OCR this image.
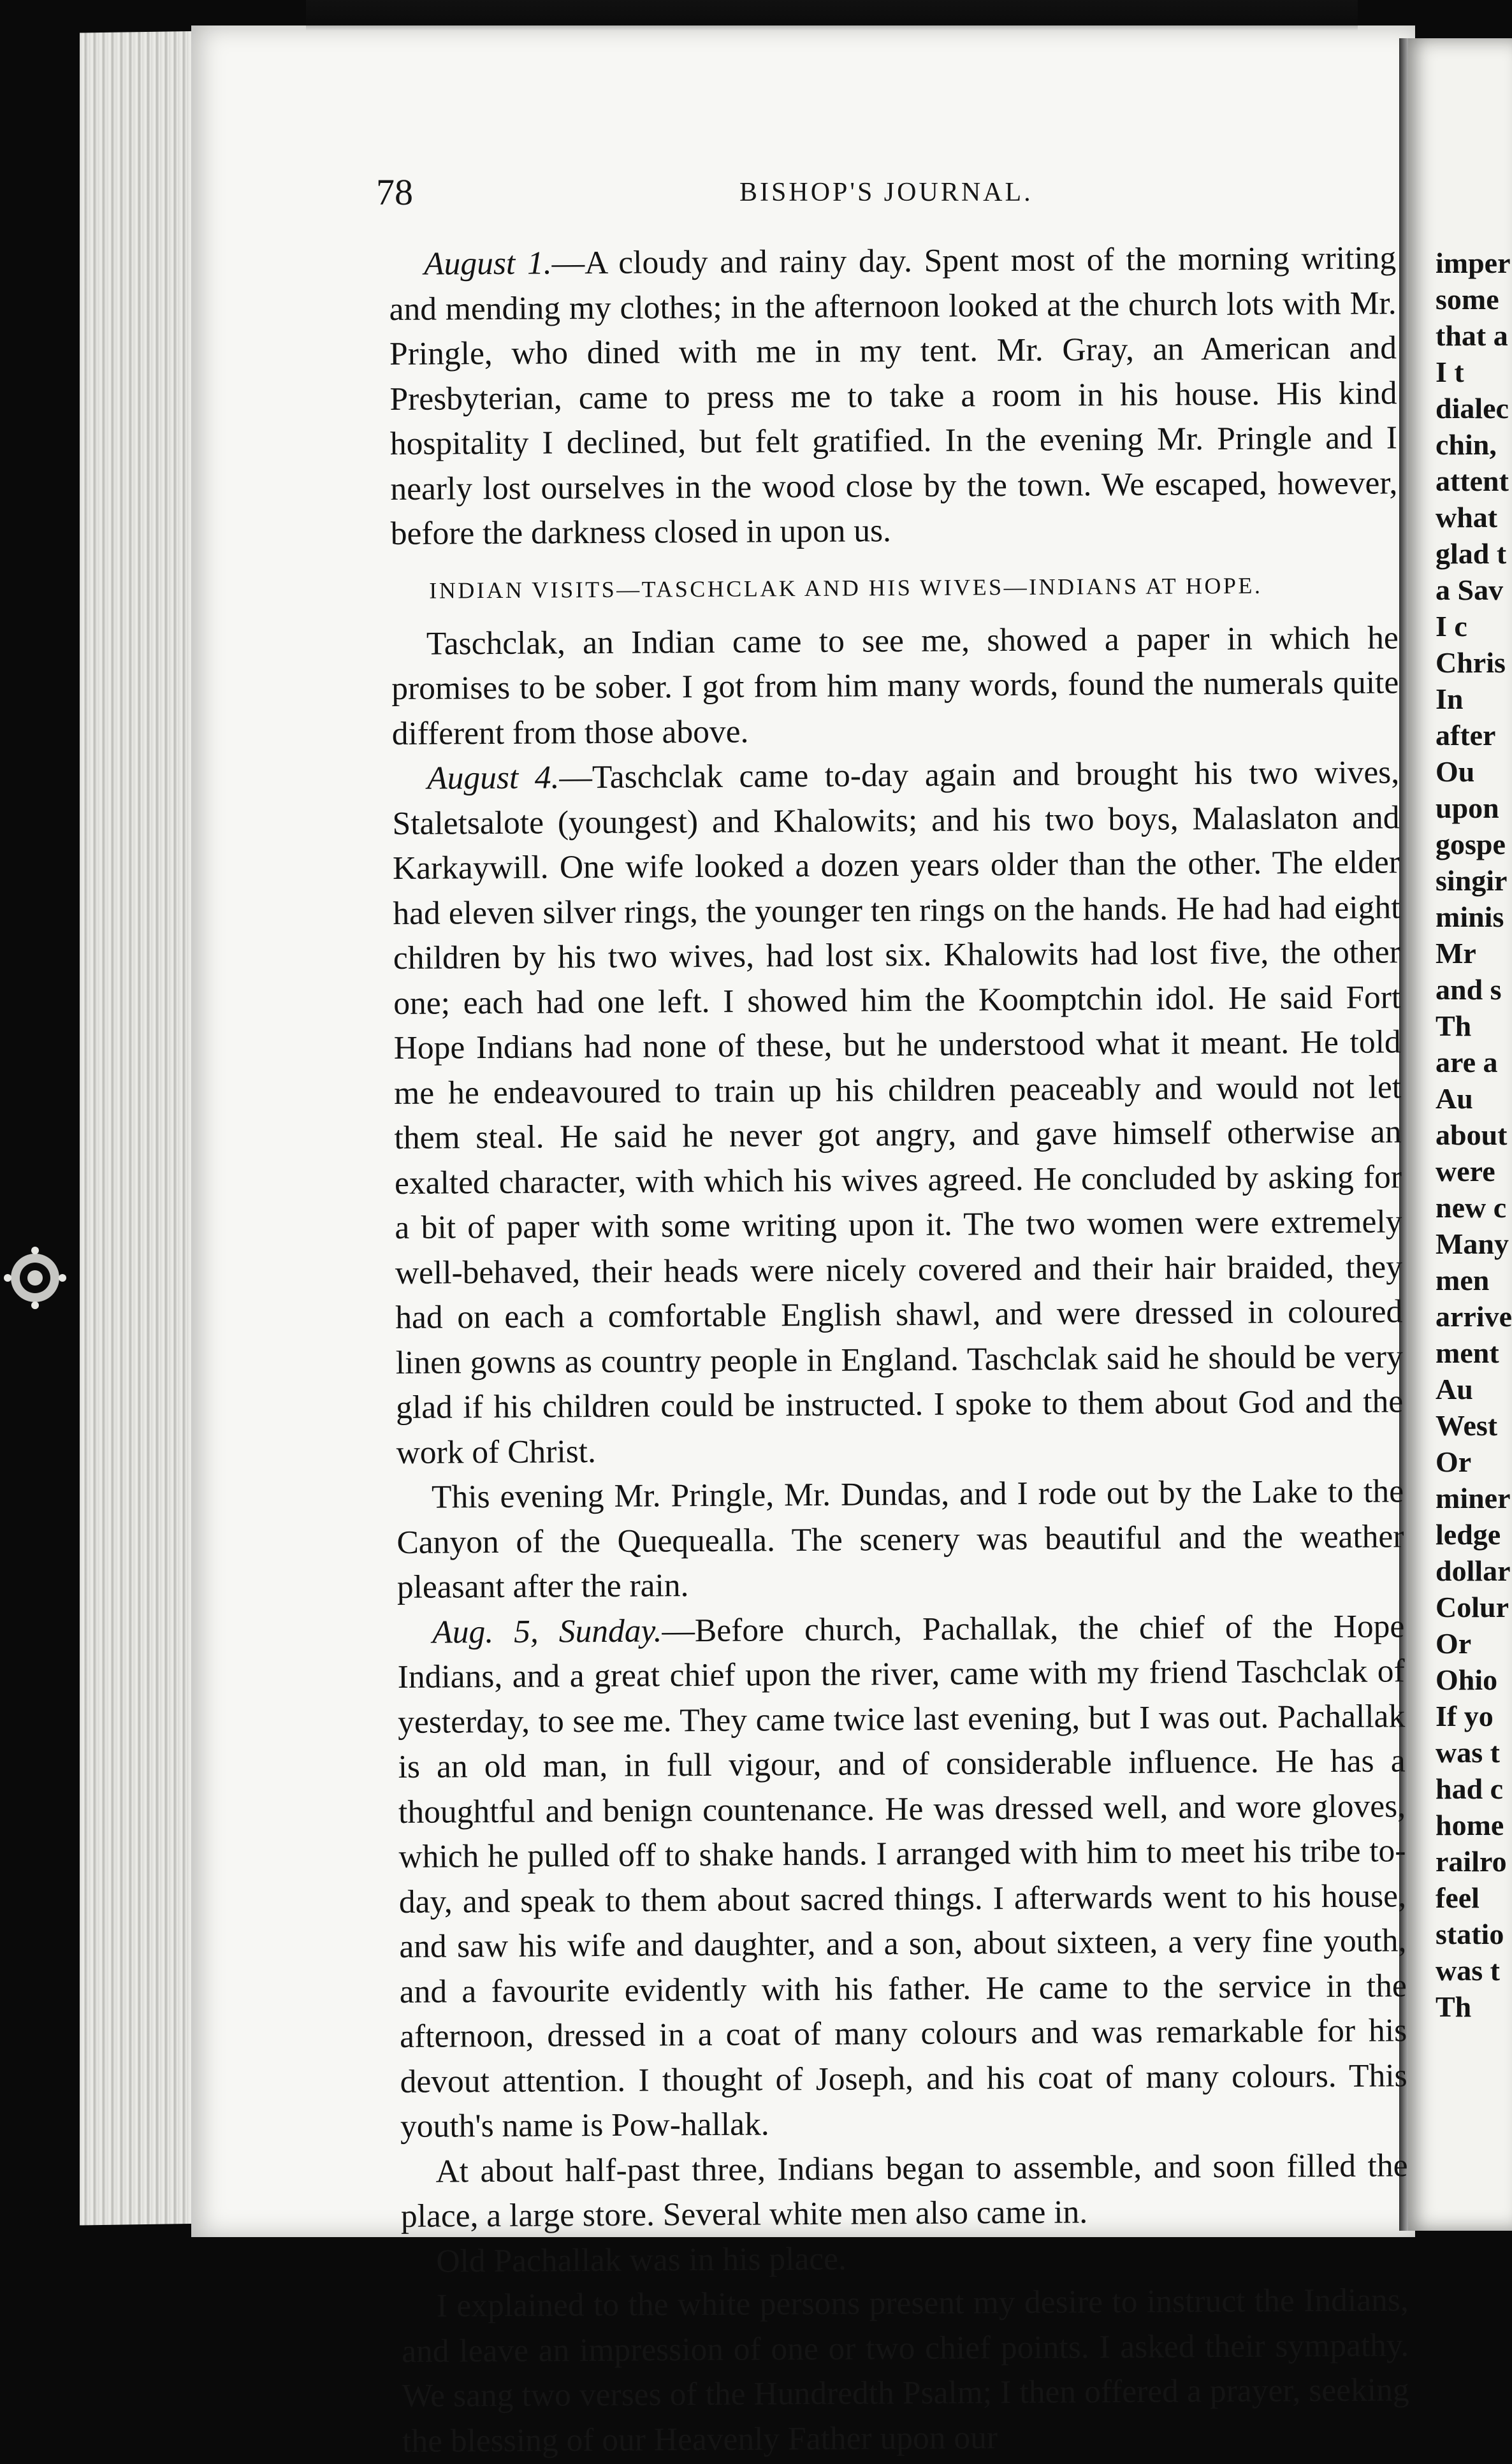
imper
some
that a
I t
dialec
chin,
attent
what
glad t
a Sav
I c
Chris
In
after
Ou
upon
gospe
singir
minis
Mr
and s
Th
are a
Au
about
were
new c
Many
men
arrive
ment
Au
West
Or
miner
ledge
dollar
Colur
Or
Ohio
If yo
was t
had c
home
railro
feel
statio
was t
Th
78	BISHOP'S JOURNAL.

August 1.—A cloudy and rainy day. Spent most of the morning writing and mending my clothes; in the afternoon looked at the church lots with Mr. Pringle, who dined with me in my tent. Mr. Gray, an American and Presbyterian, came to press me to take a room in his house. His kind hospitality I declined, but felt gratified. In the evening Mr. Pringle and I nearly lost ourselves in the wood close by the town. We escaped, however, before the darkness closed in upon us.

INDIAN VISITS—TASCHCLAK AND HIS WIVES—INDIANS AT HOPE.

Taschclak, an Indian came to see me, showed a paper in which he promises to be sober. I got from him many words, found the numerals quite different from those above.

August 4.—Taschclak came to-day again and brought his two wives, Staletsalote (youngest) and Khalowits; and his two boys, Malaslaton and Karkaywill. One wife looked a dozen years older than the other. The elder had eleven silver rings, the younger ten rings on the hands. He had had eight children by his two wives, had lost six. Khalowits had lost five, the other one; each had one left. I showed him the Koomptchin idol. He said Fort Hope Indians had none of these, but he understood what it meant. He told me he endeavoured to train up his children peaceably and would not let them steal. He said he never got angry, and gave himself otherwise an exalted character, with which his wives agreed. He concluded by asking for a bit of paper with some writing upon it. The two women were extremely well-behaved, their heads were nicely covered and their hair braided, they had on each a comfortable English shawl, and were dressed in coloured linen gowns as country people in England. Taschclak said he should be very glad if his children could be instructed. I spoke to them about God and the work of Christ.

This evening Mr. Pringle, Mr. Dundas, and I rode out by the Lake to the Canyon of the Quequealla. The scenery was beautiful and the weather pleasant after the rain.

Aug. 5, Sunday.—Before church, Pachallak, the chief of the Hope Indians, and a great chief upon the river, came with my friend Taschclak of yesterday, to see me. They came twice last evening, but I was out. Pachallak is an old man, in full vigour, and of considerable influence. He has a thoughtful and benign countenance. He was dressed well, and wore gloves, which he pulled off to shake hands. I arranged with him to meet his tribe to-day, and speak to them about sacred things. I afterwards went to his house, and saw his wife and daughter, and a son, about sixteen, a very fine youth, and a favourite evidently with his father. He came to the service in the afternoon, dressed in a coat of many colours and was remarkable for his devout attention. I thought of Joseph, and his coat of many colours. This youth's name is Pow-hallak.

At about half-past three, Indians began to assemble, and soon filled the place, a large store. Several white men also came in.

Old Pachallak was in his place.

I explained to the white persons present my desire to instruct the Indians, and leave an impression of one or two chief points. I asked their sympathy. We sang two verses of the Hundredth Psalm; I then offered a prayer, seeking the blessing of our Heavenly Father upon our
